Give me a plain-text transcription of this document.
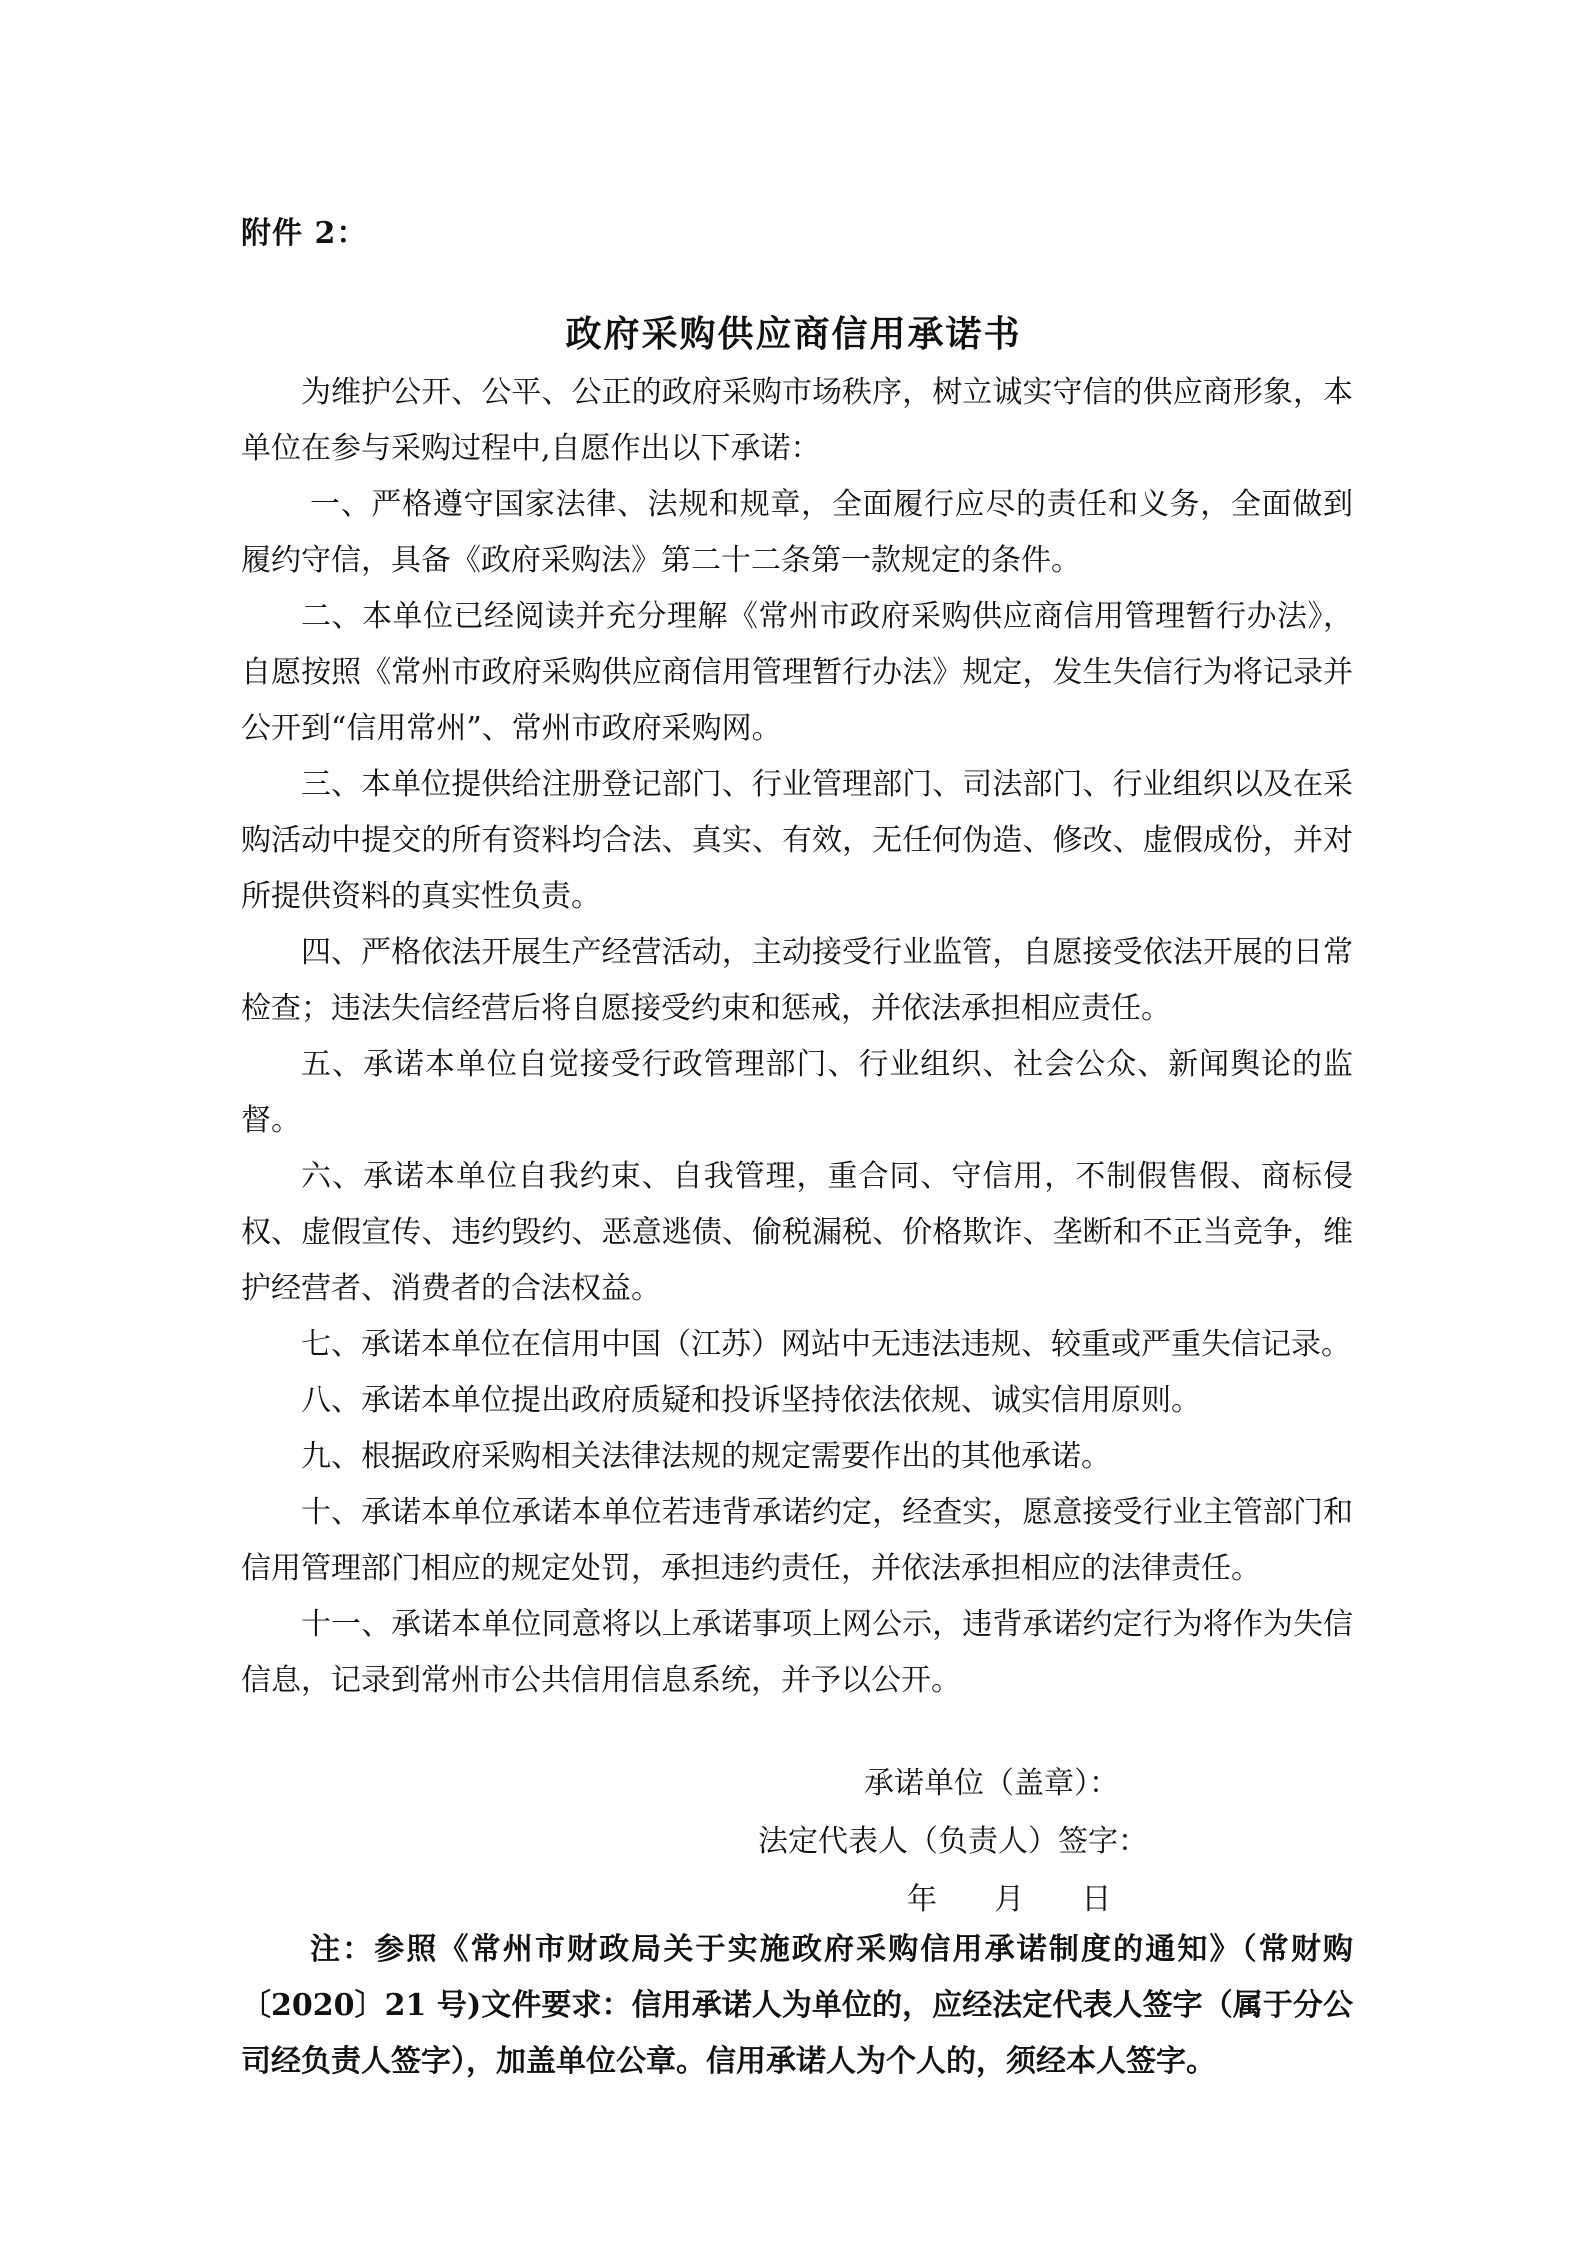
附件 2：
政府采购供应商信用承诺书

为维护公开、公平、公正的政府采购市场秩序，树立诚实守信的供应商形象，本单位在参与采购过程中,自愿作出以下承诺：

一、严格遵守国家法律、法规和规章，全面履行应尽的责任和义务，全面做到履约守信，具备《政府采购法》第二十二条第一款规定的条件。

二、本单位已经阅读并充分理解《常州市政府采购供应商信用管理暂行办法》，自愿按照《常州市政府采购供应商信用管理暂行办法》规定，发生失信行为将记录并公开到“信用常州”、常州市政府采购网。

三、本单位提供给注册登记部门、行业管理部门、司法部门、行业组织以及在采购活动中提交的所有资料均合法、真实、有效，无任何伪造、修改、虚假成份，并对所提供资料的真实性负责。

四、严格依法开展生产经营活动，主动接受行业监管，自愿接受依法开展的日常检查；违法失信经营后将自愿接受约束和惩戒，并依法承担相应责任。

五、承诺本单位自觉接受行政管理部门、行业组织、社会公众、新闻舆论的监督。

六、承诺本单位自我约束、自我管理，重合同、守信用，不制假售假、商标侵权、虚假宣传、违约毁约、恶意逃债、偷税漏税、价格欺诈、垄断和不正当竞争，维护经营者、消费者的合法权益。

七、承诺本单位在信用中国（江苏）网站中无违法违规、较重或严重失信记录。

八、承诺本单位提出政府质疑和投诉坚持依法依规、诚实信用原则。

九、根据政府采购相关法律法规的规定需要作出的其他承诺。

十、承诺本单位承诺本单位若违背承诺约定，经查实，愿意接受行业主管部门和信用管理部门相应的规定处罚，承担违约责任，并依法承担相应的法律责任。

十一、承诺本单位同意将以上承诺事项上网公示，违背承诺约定行为将作为失信信息，记录到常州市公共信用信息系统，并予以公开。

承诺单位（盖章）：
法定代表人（负责人）签字：
年      月      日
注：参照《常州市财政局关于实施政府采购信用承诺制度的通知》（常财购〔2020〕21 号)文件要求：信用承诺人为单位的，应经法定代表人签字（属于分公司经负责人签字），加盖单位公章。信用承诺人为个人的，须经本人签字。
